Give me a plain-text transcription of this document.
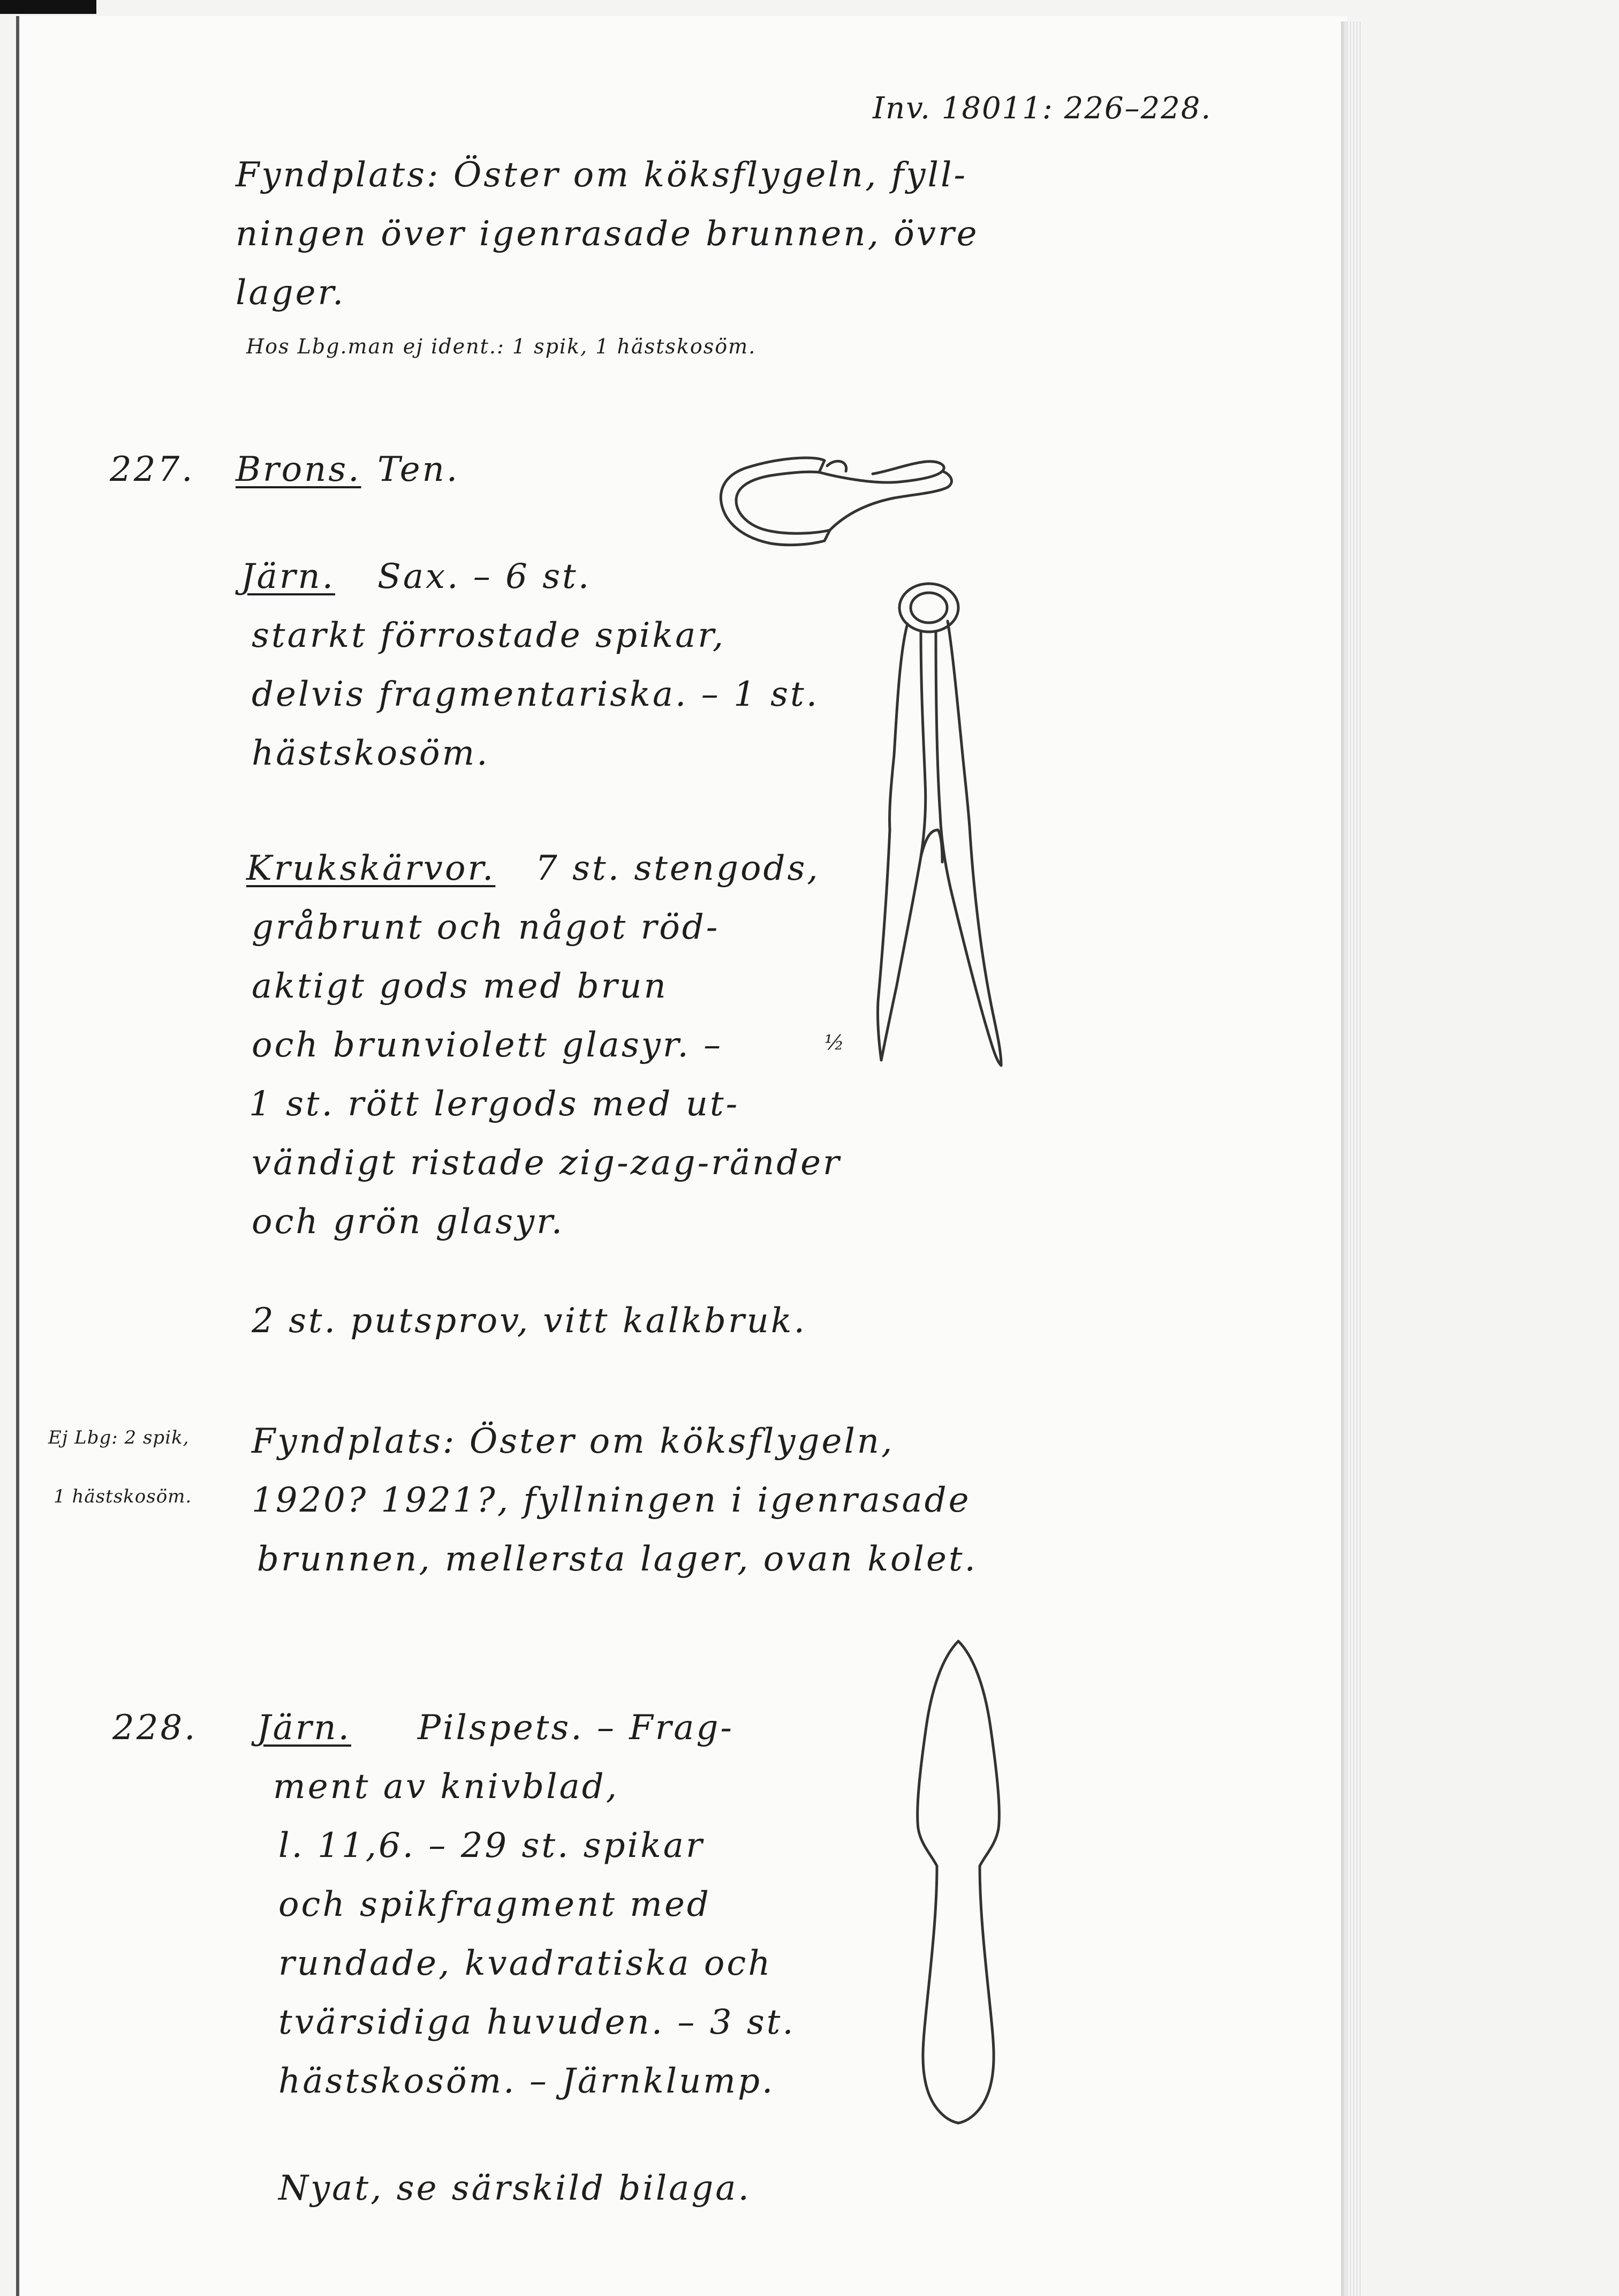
Inv. 18011: 226–228.
Fyndplats: Öster om köksflygeln, fyll-
ningen över igenrasade brunnen, övre
lager.
Hos Lbg.man ej ident.: 1 spik, 1 hästskosöm.
227. Brons. Ten.
Järn. Sax. – 6 st.
starkt förrostade spikar,
delvis fragmentariska. – 1 st.
hästskosöm.
Krukskärvor. 7 st. stengods,
gråbrunt och något röd-
aktigt gods med brun
och brunviolett glasyr. –
1 st. rött lergods med ut-
vändigt ristade zig-zag-ränder
och grön glasyr.
½
2 st. putsprov, vitt kalkbruk.
Ej Lbg: 2 spik,
1 hästskosöm.
Fyndplats: Öster om köksflygeln,
1920? 1921?, fyllningen i igenrasade
brunnen, mellersta lager, ovan kolet.
228. Järn. Pilspets. – Frag-
ment av knivblad,
l. 11,6. – 29 st. spikar
och spikfragment med
rundade, kvadratiska och
tvärsidiga huvuden. – 3 st.
hästskosöm. – Järnklump.
Nyat, se särskild bilaga.
